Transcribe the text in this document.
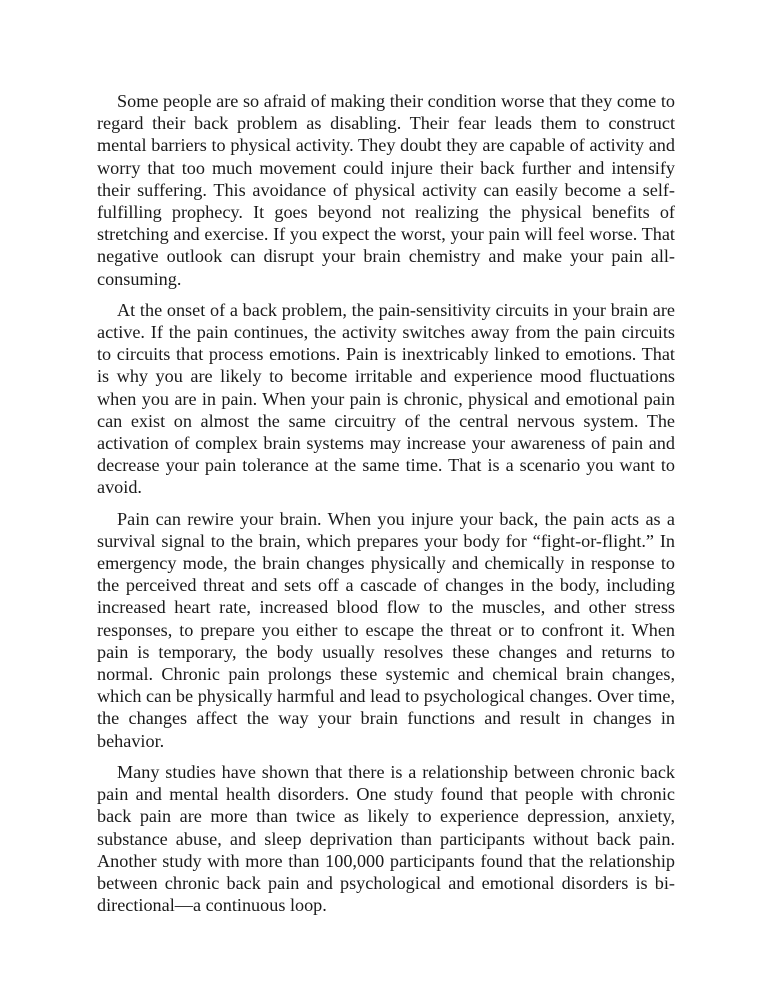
Some people are so afraid of making their condition worse that they come to regard their back problem as disabling. Their fear leads them to construct mental barriers to physical activity. They doubt they are capable of activity and worry that too much movement could injure their back further and intensify their suffering. This avoidance of physical activity can easily become a self-fulfilling prophecy. It goes beyond not realizing the physical benefits of stretching and exercise. If you expect the worst, your pain will feel worse. That negative outlook can disrupt your brain chemistry and make your pain all-consuming.

At the onset of a back problem, the pain-sensitivity circuits in your brain are active. If the pain continues, the activity switches away from the pain circuits to circuits that process emotions. Pain is inextricably linked to emotions. That is why you are likely to become irritable and experience mood fluctuations when you are in pain. When your pain is chronic, physical and emotional pain can exist on almost the same circuitry of the central nervous system. The activation of complex brain systems may increase your awareness of pain and decrease your pain tolerance at the same time. That is a scenario you want to avoid.

Pain can rewire your brain. When you injure your back, the pain acts as a survival signal to the brain, which prepares your body for “fight-or-flight.” In emergency mode, the brain changes physically and chemically in response to the perceived threat and sets off a cascade of changes in the body, including increased heart rate, increased blood flow to the muscles, and other stress responses, to prepare you either to escape the threat or to confront it. When pain is temporary, the body usually resolves these changes and returns to normal. Chronic pain prolongs these systemic and chemical brain changes, which can be physically harmful and lead to psychological changes. Over time, the changes affect the way your brain functions and result in changes in behavior.

Many studies have shown that there is a relationship between chronic back pain and mental health disorders. One study found that people with chronic back pain are more than twice as likely to experience depression, anxiety, substance abuse, and sleep deprivation than participants without back pain. Another study with more than 100,000 participants found that the relationship between chronic back pain and psychological and emotional disorders is bi-directional—a continuous loop.
